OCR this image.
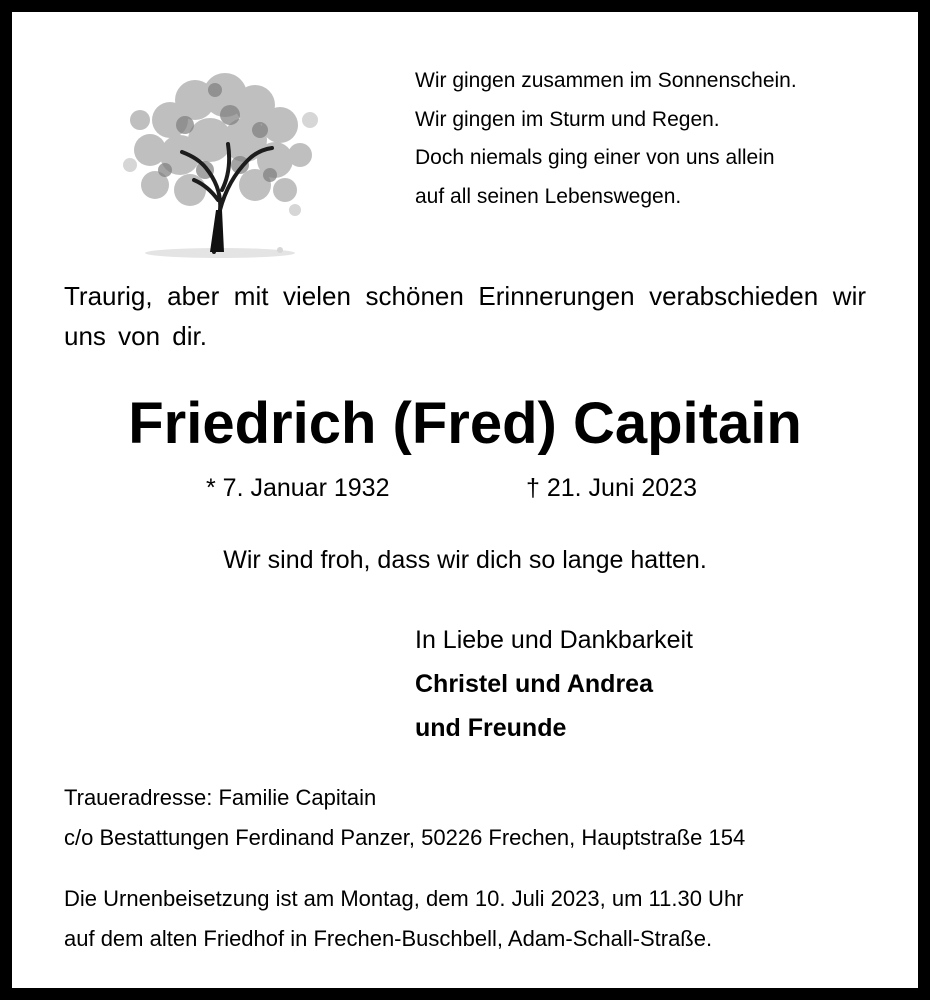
Wir gingen zusammen im Sonnenschein.
Wir gingen im Sturm und Regen.
Doch niemals ging einer von uns allein
auf all seinen Lebenswegen.
Traurig, aber mit vielen schönen Erinnerungen verabschieden wir uns von dir.
Friedrich (Fred) Capitain
* 7. Januar 1932	† 21. Juni 2023
Wir sind froh, dass wir dich so lange hatten.
In Liebe und Dankbarkeit
Christel und Andrea
und Freunde
Traueradresse: Familie Capitain
c/o Bestattungen Ferdinand Panzer, 50226 Frechen, Hauptstraße 154
Die Urnenbeisetzung ist am Montag, dem 10. Juli 2023, um 11.30 Uhr
auf dem alten Friedhof in Frechen-Buschbell, Adam-Schall-Straße.
